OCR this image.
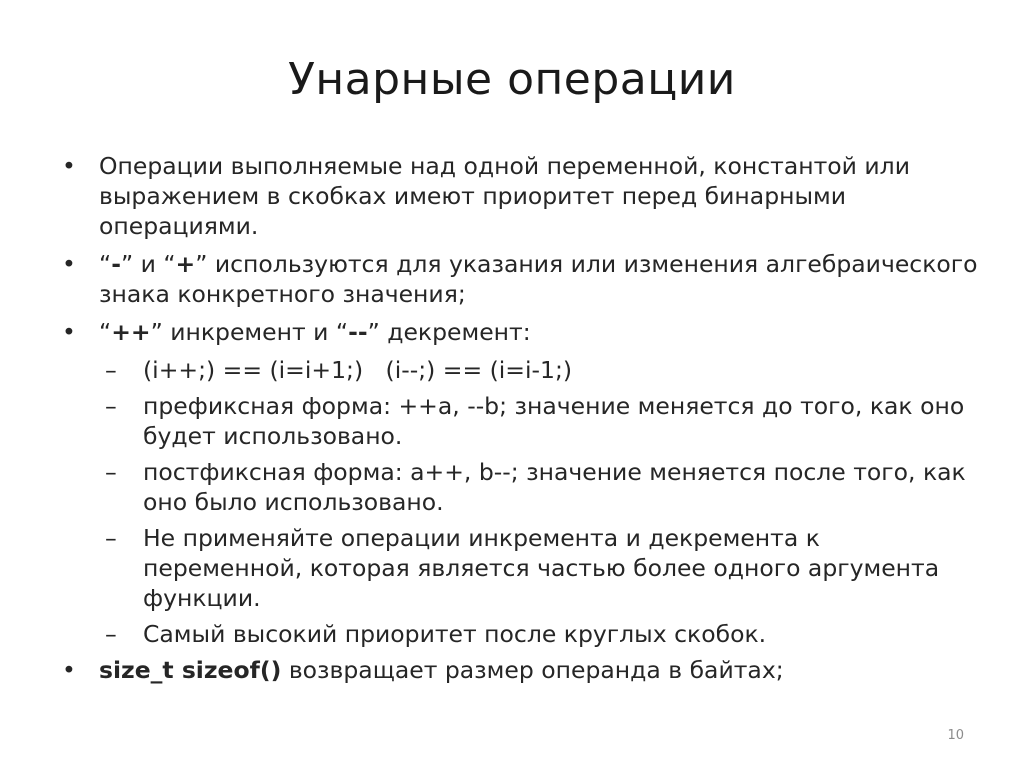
Унарные операции
• Операции выполняемые над одной переменной, константой или выражением в скобках имеют приоритет перед бинарными операциями.
• “-” и “+” используются для указания или изменения алгебраического знака конкретного значения;
• “++” инкремент и “--” декремент:
– (i++;) == (i=i+1;)   (i--;) == (i=i-1;)
– префиксная форма: ++a, --b; значение меняется до того, как оно будет использовано.
– постфиксная форма: a++, b--; значение меняется после того, как оно было использовано.
– Не применяйте операции инкремента и декремента к переменной, которая является частью более одного аргумента функции.
– Самый высокий приоритет после круглых скобок.
• size_t sizeof() возвращает размер операнда в байтах;
10
